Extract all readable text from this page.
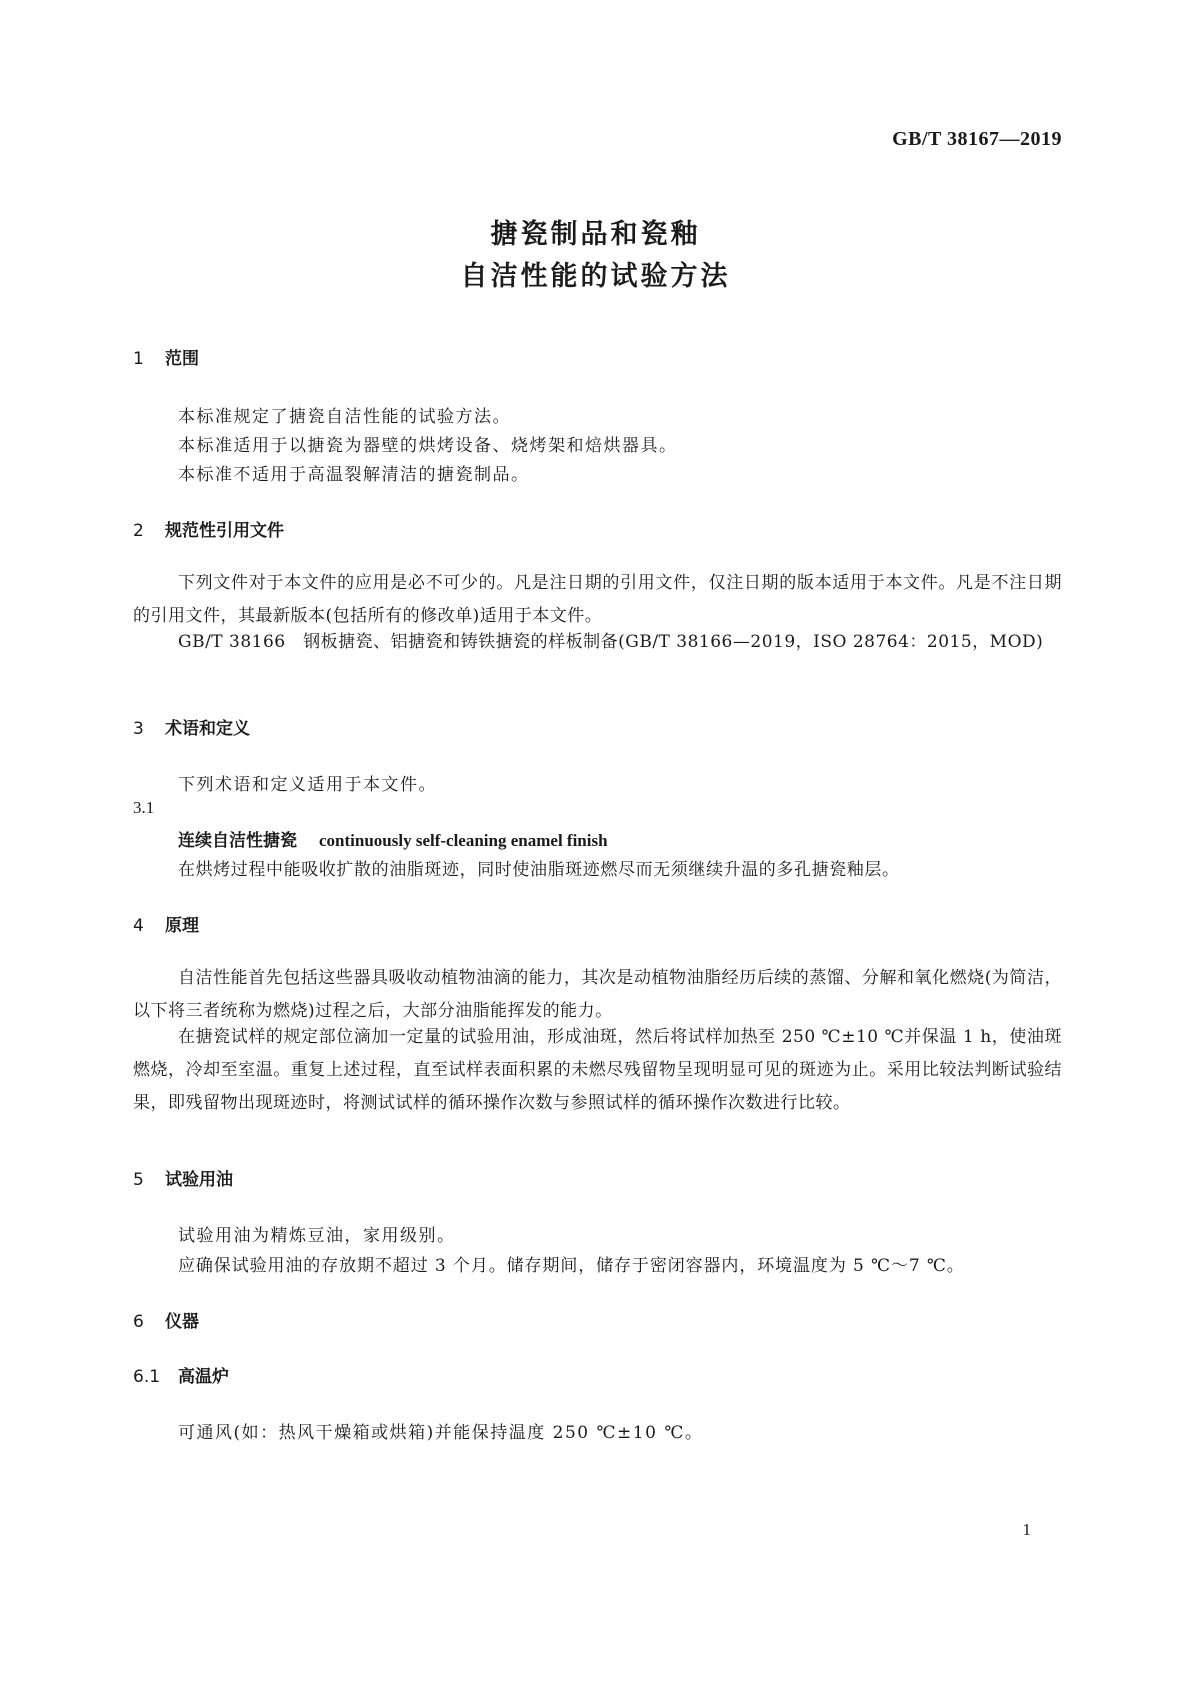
GB/T 38167—2019
搪瓷制品和瓷釉
自洁性能的试验方法
1 范围
本标准规定了搪瓷自洁性能的试验方法。
本标准适用于以搪瓷为器壁的烘烤设备、烧烤架和焙烘器具。
本标准不适用于高温裂解清洁的搪瓷制品。
2 规范性引用文件
下列文件对于本文件的应用是必不可少的。凡是注日期的引用文件，仅注日期的版本适用于本文件。凡是不注日期的引用文件，其最新版本(包括所有的修改单)适用于本文件。
GB/T 38166　钢板搪瓷、铝搪瓷和铸铁搪瓷的样板制备(GB/T 38166—2019，ISO 28764：2015，MOD)
3 术语和定义
下列术语和定义适用于本文件。
3.1
连续自洁性搪瓷 continuously self-cleaning enamel finish
在烘烤过程中能吸收扩散的油脂斑迹，同时使油脂斑迹燃尽而无须继续升温的多孔搪瓷釉层。
4 原理
自洁性能首先包括这些器具吸收动植物油滴的能力，其次是动植物油脂经历后续的蒸馏、分解和氧化燃烧(为简洁，以下将三者统称为燃烧)过程之后，大部分油脂能挥发的能力。
在搪瓷试样的规定部位滴加一定量的试验用油，形成油斑，然后将试样加热至 250 ℃±10 ℃并保温 1 h，使油斑燃烧，冷却至室温。重复上述过程，直至试样表面积累的未燃尽残留物呈现明显可见的斑迹为止。采用比较法判断试验结果，即残留物出现斑迹时，将测试试样的循环操作次数与参照试样的循环操作次数进行比较。
5 试验用油
试验用油为精炼豆油，家用级别。
应确保试验用油的存放期不超过 3 个月。储存期间，储存于密闭容器内，环境温度为 5 ℃～7 ℃。
6 仪器
6.1 高温炉
可通风(如：热风干燥箱或烘箱)并能保持温度 250 ℃±10 ℃。
1
